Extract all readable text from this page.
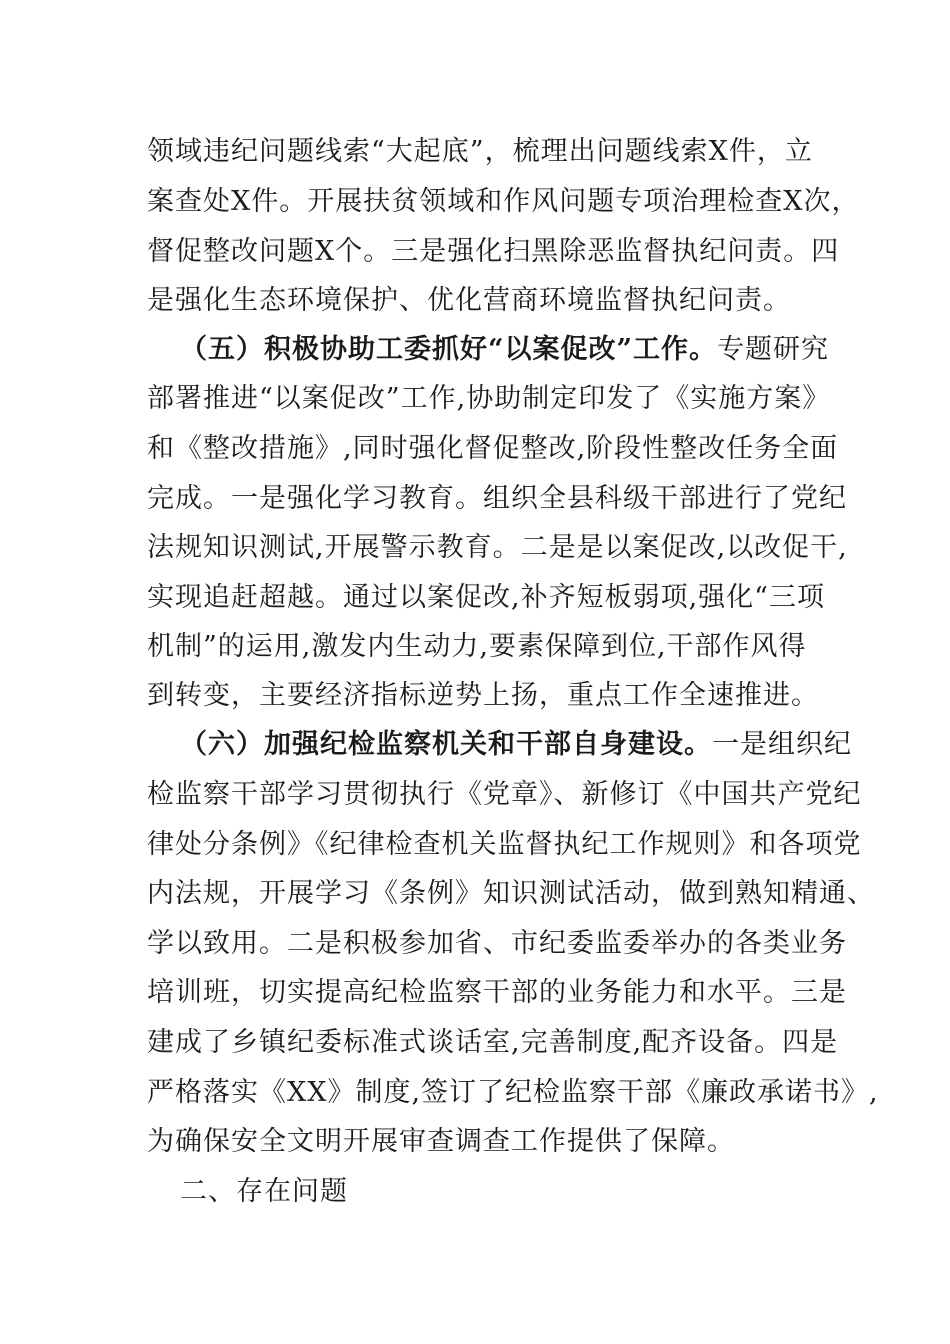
领域违纪问题线索“大起底”，梳理出问题线索X件，立
案查处X件。开展扶贫领域和作风问题专项治理检查X次，
督促整改问题X个。三是强化扫黑除恶监督执纪问责。四
是强化生态环境保护、优化营商环境监督执纪问责。
（五）积极协助工委抓好“以案促改”工作。专题研究
部署推进“以案促改”工作,协助制定印发了《实施方案》
和《整改措施》,同时强化督促整改,阶段性整改任务全面
完成。一是强化学习教育。组织全县科级干部进行了党纪
法规知识测试,开展警示教育。二是是以案促改,以改促干,
实现追赶超越。通过以案促改,补齐短板弱项,强化“三项
机制”的运用,激发内生动力,要素保障到位,干部作风得
到转变，主要经济指标逆势上扬，重点工作全速推进。
（六）加强纪检监察机关和干部自身建设。一是组织纪
检监察干部学习贯彻执行《党章》、新修订《中国共产党纪
律处分条例》《纪律检查机关监督执纪工作规则》和各项党
内法规，开展学习《条例》知识测试活动，做到熟知精通、
学以致用。二是积极参加省、市纪委监委举办的各类业务
培训班，切实提高纪检监察干部的业务能力和水平。三是
建成了乡镇纪委标准式谈话室,完善制度,配齐设备。四是
严格落实《XX》制度,签订了纪检监察干部《廉政承诺书》,
为确保安全文明开展审查调查工作提供了保障。
二、存在问题
